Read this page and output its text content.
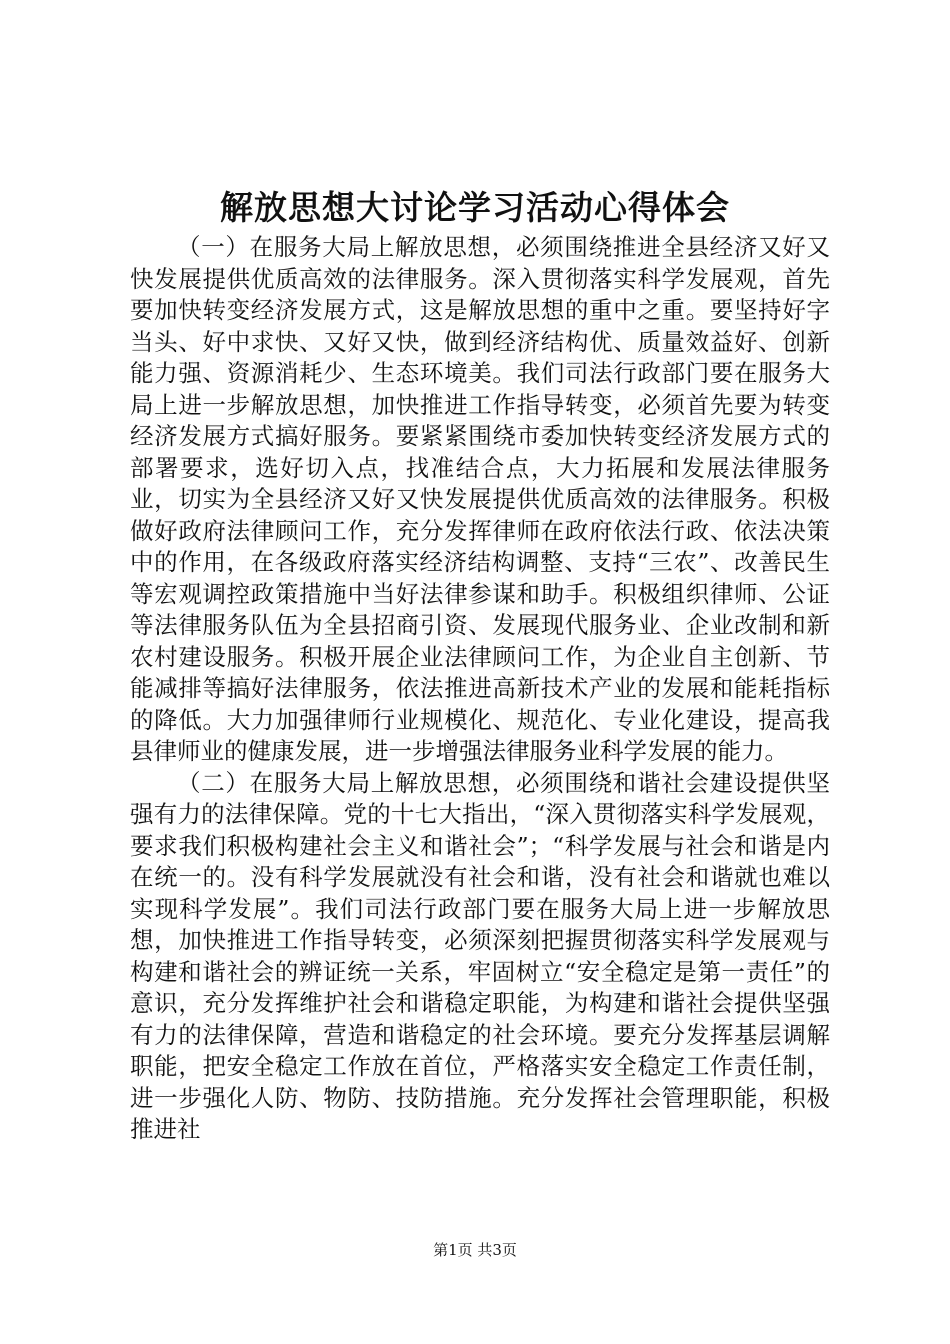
解放思想大讨论学习活动心得体会

（一）在服务大局上解放思想，必须围绕推进全县经济又好又快发展提供优质高效的法律服务。深入贯彻落实科学发展观，首先要加快转变经济发展方式，这是解放思想的重中之重。要坚持好字当头、好中求快、又好又快，做到经济结构优、质量效益好、创新能力强、资源消耗少、生态环境美。我们司法行政部门要在服务大局上进一步解放思想，加快推进工作指导转变，必须首先要为转变经济发展方式搞好服务。要紧紧围绕市委加快转变经济发展方式的部署要求，选好切入点，找准结合点，大力拓展和发展法律服务业，切实为全县经济又好又快发展提供优质高效的法律服务。积极做好政府法律顾问工作，充分发挥律师在政府依法行政、依法决策中的作用，在各级政府落实经济结构调整、支持“三农”、改善民生等宏观调控政策措施中当好法律参谋和助手。积极组织律师、公证等法律服务队伍为全县招商引资、发展现代服务业、企业改制和新农村建设服务。积极开展企业法律顾问工作，为企业自主创新、节能减排等搞好法律服务，依法推进高新技术产业的发展和能耗指标的降低。大力加强律师行业规模化、规范化、专业化建设，提高我县律师业的健康发展，进一步增强法律服务业科学发展的能力。

（二）在服务大局上解放思想，必须围绕和谐社会建设提供坚强有力的法律保障。党的十七大指出，“深入贯彻落实科学发展观，要求我们积极构建社会主义和谐社会”；“科学发展与社会和谐是内在统一的。没有科学发展就没有社会和谐，没有社会和谐就也难以实现科学发展”。我们司法行政部门要在服务大局上进一步解放思想，加快推进工作指导转变，必须深刻把握贯彻落实科学发展观与构建和谐社会的辨证统一关系，牢固树立“安全稳定是第一责任”的意识，充分发挥维护社会和谐稳定职能，为构建和谐社会提供坚强有力的法律保障，营造和谐稳定的社会环境。要充分发挥基层调解职能，把安全稳定工作放在首位，严格落实安全稳定工作责任制，进一步强化人防、物防、技防措施。充分发挥社会管理职能，积极推进社

第1页 共3页
